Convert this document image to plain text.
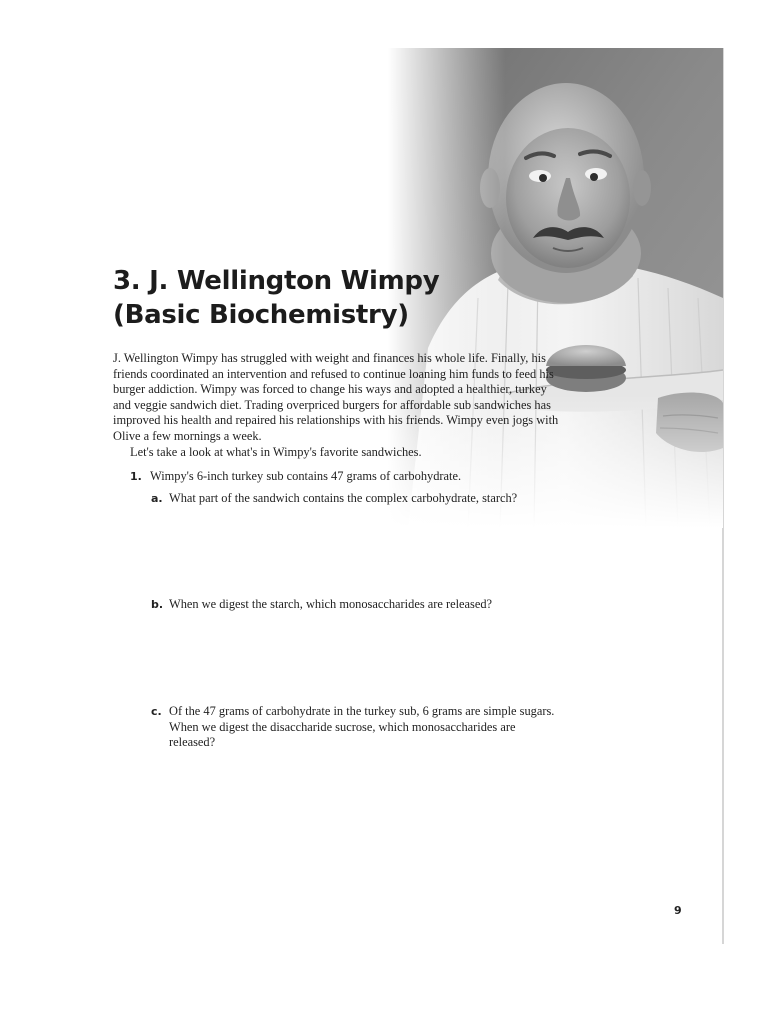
3. J. Wellington Wimpy
(Basic Biochemistry)

J. Wellington Wimpy has struggled with weight and finances his whole life. Finally, his friends coordinated an intervention and refused to continue loaning him funds to feed his burger addiction. Wimpy was forced to change his ways and adopted a healthier, turkey and veggie sandwich diet. Trading overpriced burgers for affordable sub sandwiches has improved his health and repaired his relationships with his friends. Wimpy even jogs with Olive a few mornings a week.

Let's take a look at what's in Wimpy's favorite sandwiches.

1. Wimpy's 6-inch turkey sub contains 47 grams of carbohydrate.
a. What part of the sandwich contains the complex carbohydrate, starch?
b. When we digest the starch, which monosaccharides are released?
c. Of the 47 grams of carbohydrate in the turkey sub, 6 grams are simple sugars. When we digest the disaccharide sucrose, which monosaccharides are released?
9
